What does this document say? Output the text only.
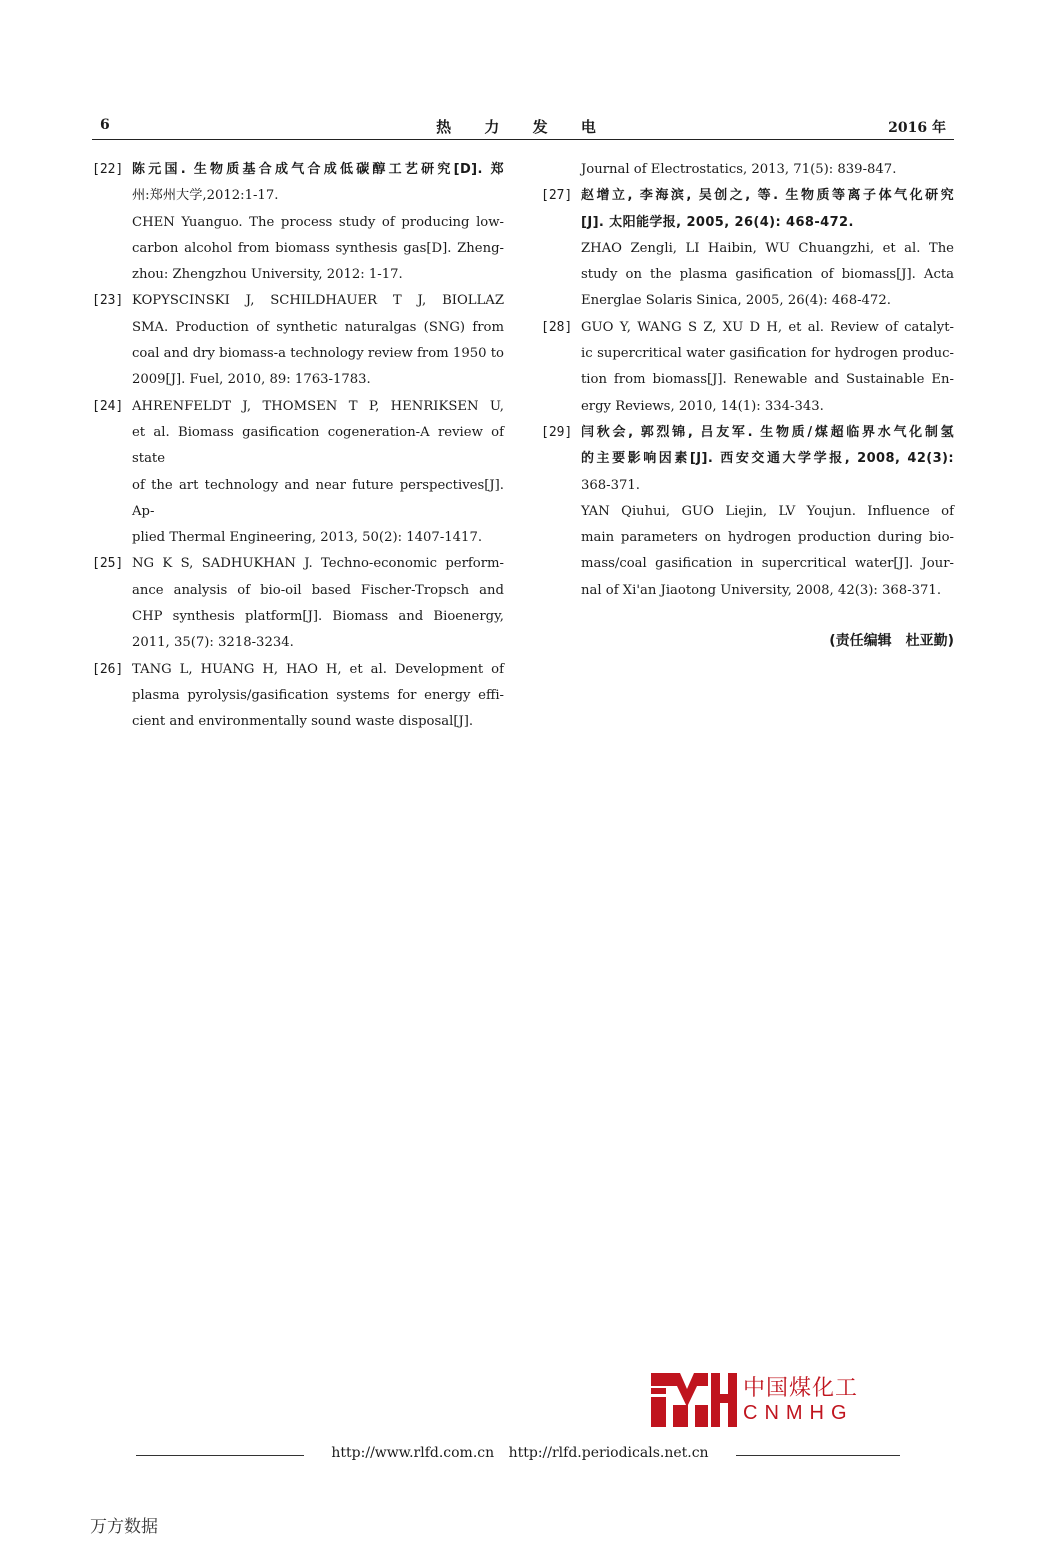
6	热 力 发 电	2016 年
[22] 陈元国. 生物质基合成气合成低碳醇工艺研究[D]. 郑
州:郑州大学,2012:1-17.
CHEN Yuanguo. The process study of producing low-
carbon alcohol from biomass synthesis gas[D]. Zheng-
zhou: Zhengzhou University, 2012: 1-17.
[23] KOPYSCINSKI J, SCHILDHAUER T J, BIOLLAZ
SMA. Production of synthetic naturalgas (SNG) from
coal and dry biomass-a technology review from 1950 to
2009[J]. Fuel, 2010, 89: 1763-1783.
[24] AHRENFELDT J, THOMSEN T P, HENRIKSEN U,
et al. Biomass gasification cogeneration-A review of state
of the art technology and near future perspectives[J]. Ap-
plied Thermal Engineering, 2013, 50(2): 1407-1417.
[25] NG K S, SADHUKHAN J. Techno-economic perform-
ance analysis of bio-oil based Fischer-Tropsch and
CHP synthesis platform[J]. Biomass and Bioenergy,
2011, 35(7): 3218-3234.
[26] TANG L, HUANG H, HAO H, et al. Development of
plasma pyrolysis/gasification systems for energy effi-
cient and environmentally sound waste disposal[J].
Journal of Electrostatics, 2013, 71(5): 839-847.
[27] 赵增立, 李海滨, 吴创之, 等. 生物质等离子体气化研究
[J]. 太阳能学报, 2005, 26(4): 468-472.
ZHAO Zengli, LI Haibin, WU Chuangzhi, et al. The
study on the plasma gasification of biomass[J]. Acta
Energlae Solaris Sinica, 2005, 26(4): 468-472.
[28] GUO Y, WANG S Z, XU D H, et al. Review of catalyt-
ic supercritical water gasification for hydrogen produc-
tion from biomass[J]. Renewable and Sustainable En-
ergy Reviews, 2010, 14(1): 334-343.
[29] 闫秋会, 郭烈锦, 吕友军. 生物质/煤超临界水气化制氢
的主要影响因素[J]. 西安交通大学学报, 2008, 42(3):
368-371.
YAN Qiuhui, GUO Liejin, LV Youjun. Influence of
main parameters on hydrogen production during bio-
mass/coal gasification in supercritical water[J]. Jour-
nal of Xi'an Jiaotong University, 2008, 42(3): 368-371.
(责任编辑 杜亚勤)
中国煤化工
CNMHG
http://www.rlfd.com.cn http://rlfd.periodicals.net.cn
万方数据
